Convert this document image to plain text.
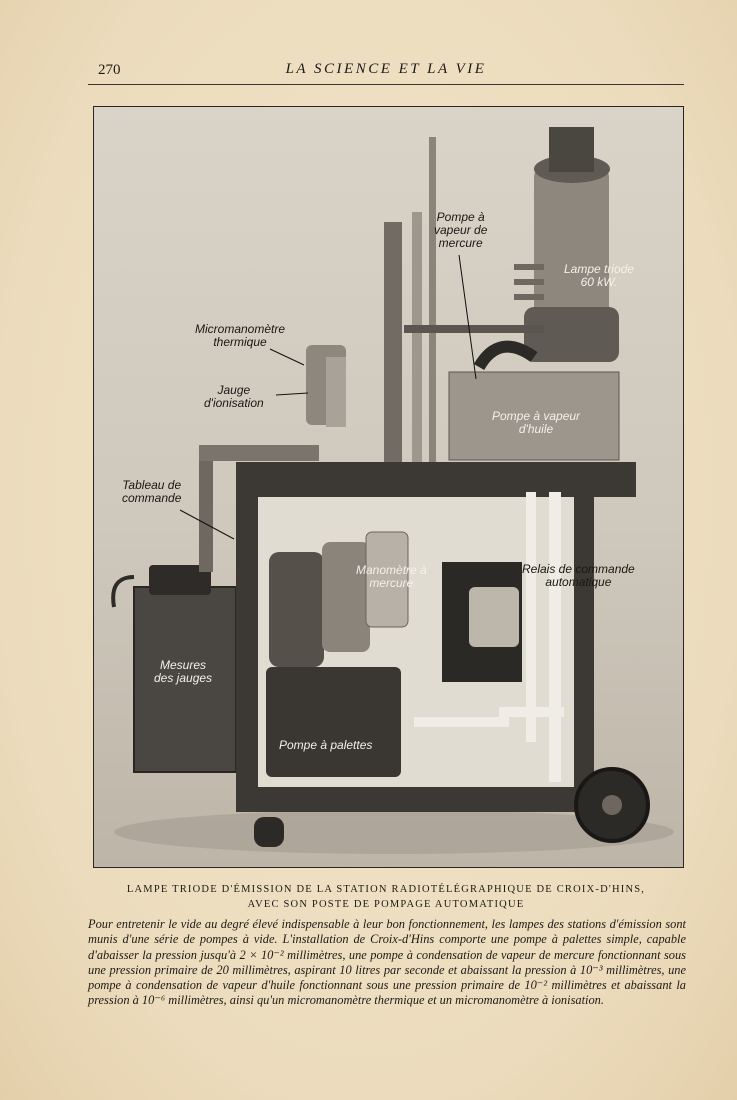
270	LA SCIENCE ET LA VIE
Pompe à
vapeur de
mercure
Lampe triode
60 kW.
Micromanomètre
thermique
Jauge
d'ionisation
Pompe à vapeur
d'huile
Tableau de
commande
Manomètre à
mercure
Relais de commande
automatique
Mesures
des jauges
Pompe à palettes
LAMPE TRIODE D'ÉMISSION DE LA STATION RADIOTÉLÉGRAPHIQUE DE CROIX-D'HINS,
AVEC SON POSTE DE POMPAGE AUTOMATIQUE
Pour entretenir le vide au degré élevé indispensable à leur bon fonctionnement, les lampes des stations d'émission sont munis d'une série de pompes à vide. L'installation de Croix-d'Hins comporte une pompe à palettes simple, capable d'abaisser la pression jusqu'à 2 × 10⁻² millimètres, une pompe à condensation de vapeur de mercure fonctionnant sous une pression primaire de 20 millimètres, aspirant 10 litres par seconde et abaissant la pression à 10⁻³ millimètres, une pompe à condensation de vapeur d'huile fonctionnant sous une pression primaire de 10⁻² millimètres et abaissant la pression à 10⁻⁶ millimètres, ainsi qu'un micromanomètre thermique et un micromanomètre à ionisation.
